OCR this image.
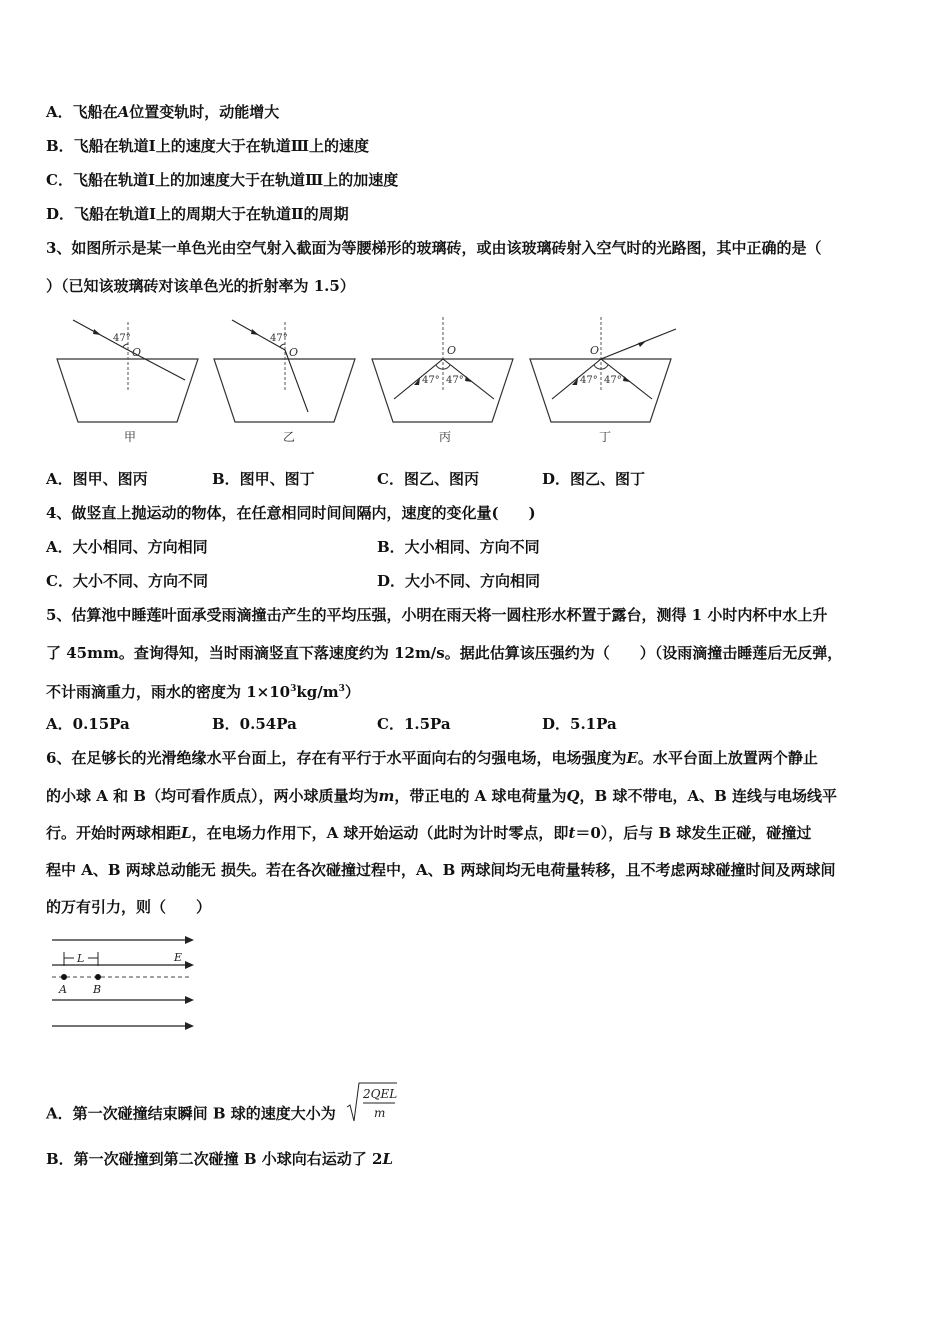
A．飞船在A位置变轨时，动能增大
B．飞船在轨道Ⅰ上的速度大于在轨道Ⅲ上的速度
C．飞船在轨道Ⅰ上的加速度大于在轨道Ⅲ上的加速度
D．飞船在轨道Ⅰ上的周期大于在轨道Ⅱ的周期
3、如图所示是某一单色光由空气射入截面为等腰梯形的玻璃砖，或由该玻璃砖射入空气时的光路图，其中正确的是（
）（已知该玻璃砖对该单色光的折射率为 1.5）
47°
O
甲
47°
O
乙
47° 47°
O
丙
47° 47°
O
丁
A．图甲、图丙	B．图甲、图丁	C．图乙、图丙	D．图乙、图丁
4、做竖直上抛运动的物体，在任意相同时间间隔内，速度的变化量(　　)
A．大小相同、方向相同	B．大小相同、方向不同
C．大小不同、方向不同	D．大小不同、方向相同
5、估算池中睡莲叶面承受雨滴撞击产生的平均压强，小明在雨天将一圆柱形水杯置于露台，测得 1 小时内杯中水上升
了 45mm。查询得知，当时雨滴竖直下落速度约为 12m/s。据此估算该压强约为（　　）（设雨滴撞击睡莲后无反弹，
不计雨滴重力，雨水的密度为 $1\times 10^3kg/m^3$）
A．0.15Pa	B．0.54Pa	C．1.5Pa	D．5.1Pa
6、在足够长的光滑绝缘水平台面上，存在有平行于水平面向右的匀强电场，电场强度为E。水平台面上放置两个静止
的小球 A 和 B（均可看作质点），两小球质量均为m，带正电的 A 球电荷量为Q，B 球不带电，A、B 连线与电场线平
行。开始时两球相距L，在电场力作用下，A 球开始运动（此时为计时零点，即t＝0），后与 B 球发生正碰，碰撞过
程中 A、B 两球总动能无 损失。若在各次碰撞过程中，A、B 两球间均无电荷量转移，且不考虑两球碰撞时间及两球间
的万有引力，则（　　）
L	E
A B
A．第一次碰撞结束瞬间 B 球的速度大小为
2QEL
m
B．第一次碰撞到第二次碰撞 B 小球向右运动了 2L
